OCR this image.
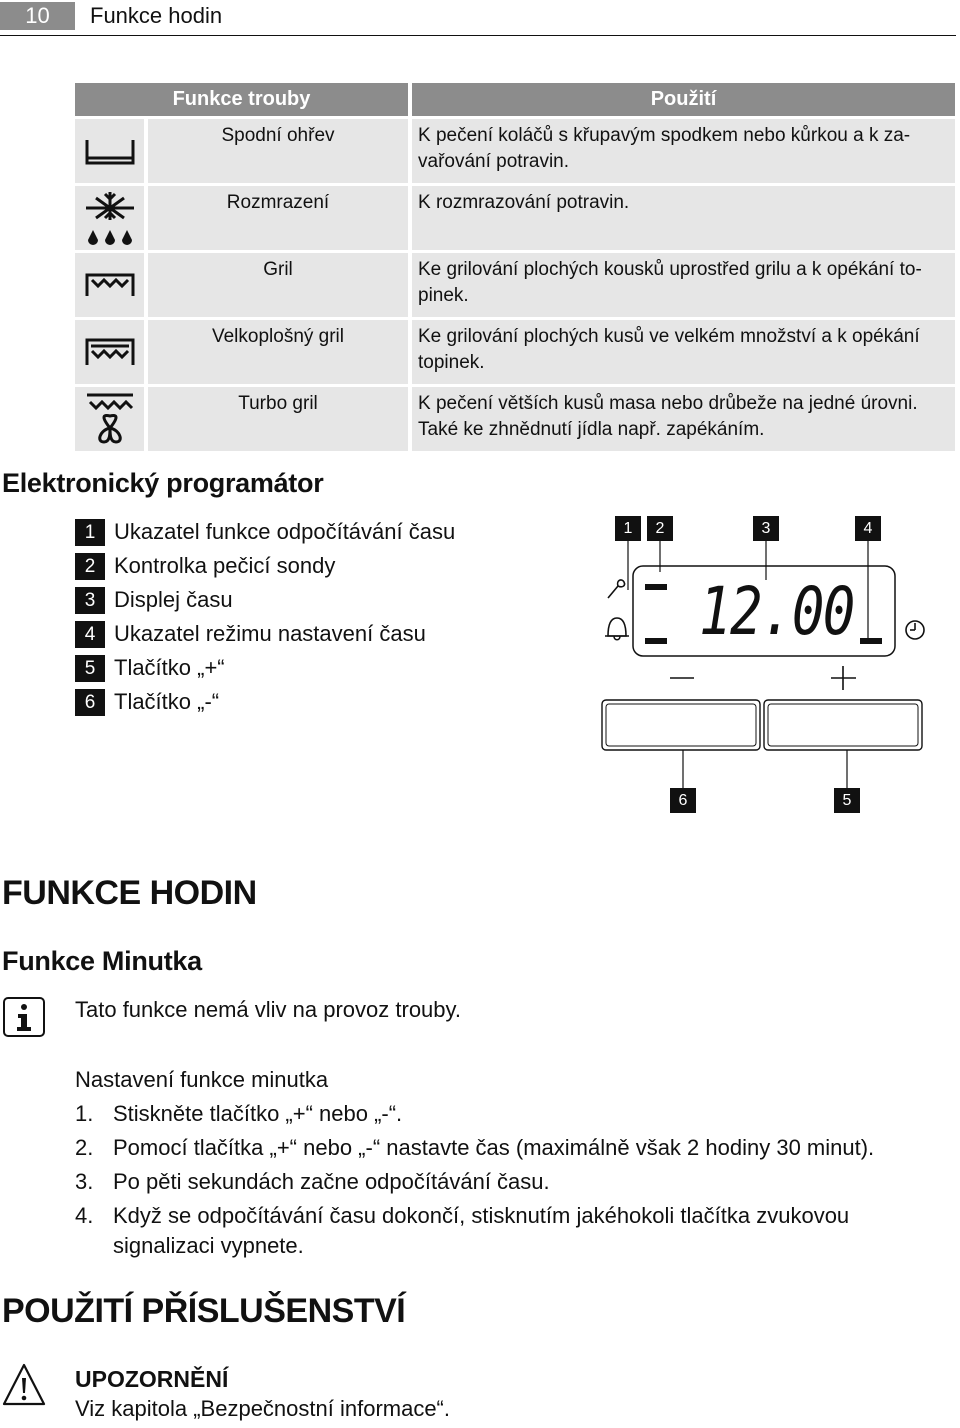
10	Funkce hodin
Funkce trouby		Použití

	Spodní ohřev	K pečení koláčů s křupavým spodkem nebo kůrkou a k za-vařování potravin.

	Rozmrazení	K rozmrazování potravin.

	Gril	Ke grilování plochých kousků uprostřed grilu a k opékání to-pinek.

	Velkoplošný gril	Ke grilování plochých kusů ve velkém množství a k opékání topinek.

	Turbo gril	K pečení větších kusů masa nebo drůbeže na jedné úrovni. Také ke zhnědnutí jídla např. zapékáním.
Elektronický programátor
1 Ukazatel funkce odpočítávání času
2 Kontrolka pečicí sondy
3 Displej času
4 Ukazatel režimu nastavení času
5 Tlačítko „+“
6 Tlačítko „-“
12.00
1	2	3	4
6	5
FUNKCE HODIN
Funkce Minutka
Tato funkce nemá vliv na provoz trouby.
Nastavení funkce minutka
1. Stiskněte tlačítko „+“ nebo „-“.
2. Pomocí tlačítka „+“ nebo „-“ nastavte čas (maximálně však 2 hodiny 30 minut).
3. Po pěti sekundách začne odpočítávání času.
4. Když se odpočítávání času dokončí, stisknutím jakéhokoli tlačítka zvukovou signalizaci vypnete.
POUŽITÍ PŘÍSLUŠENSTVÍ
UPOZORNĚNÍ
Viz kapitola „Bezpečnostní informace“.
